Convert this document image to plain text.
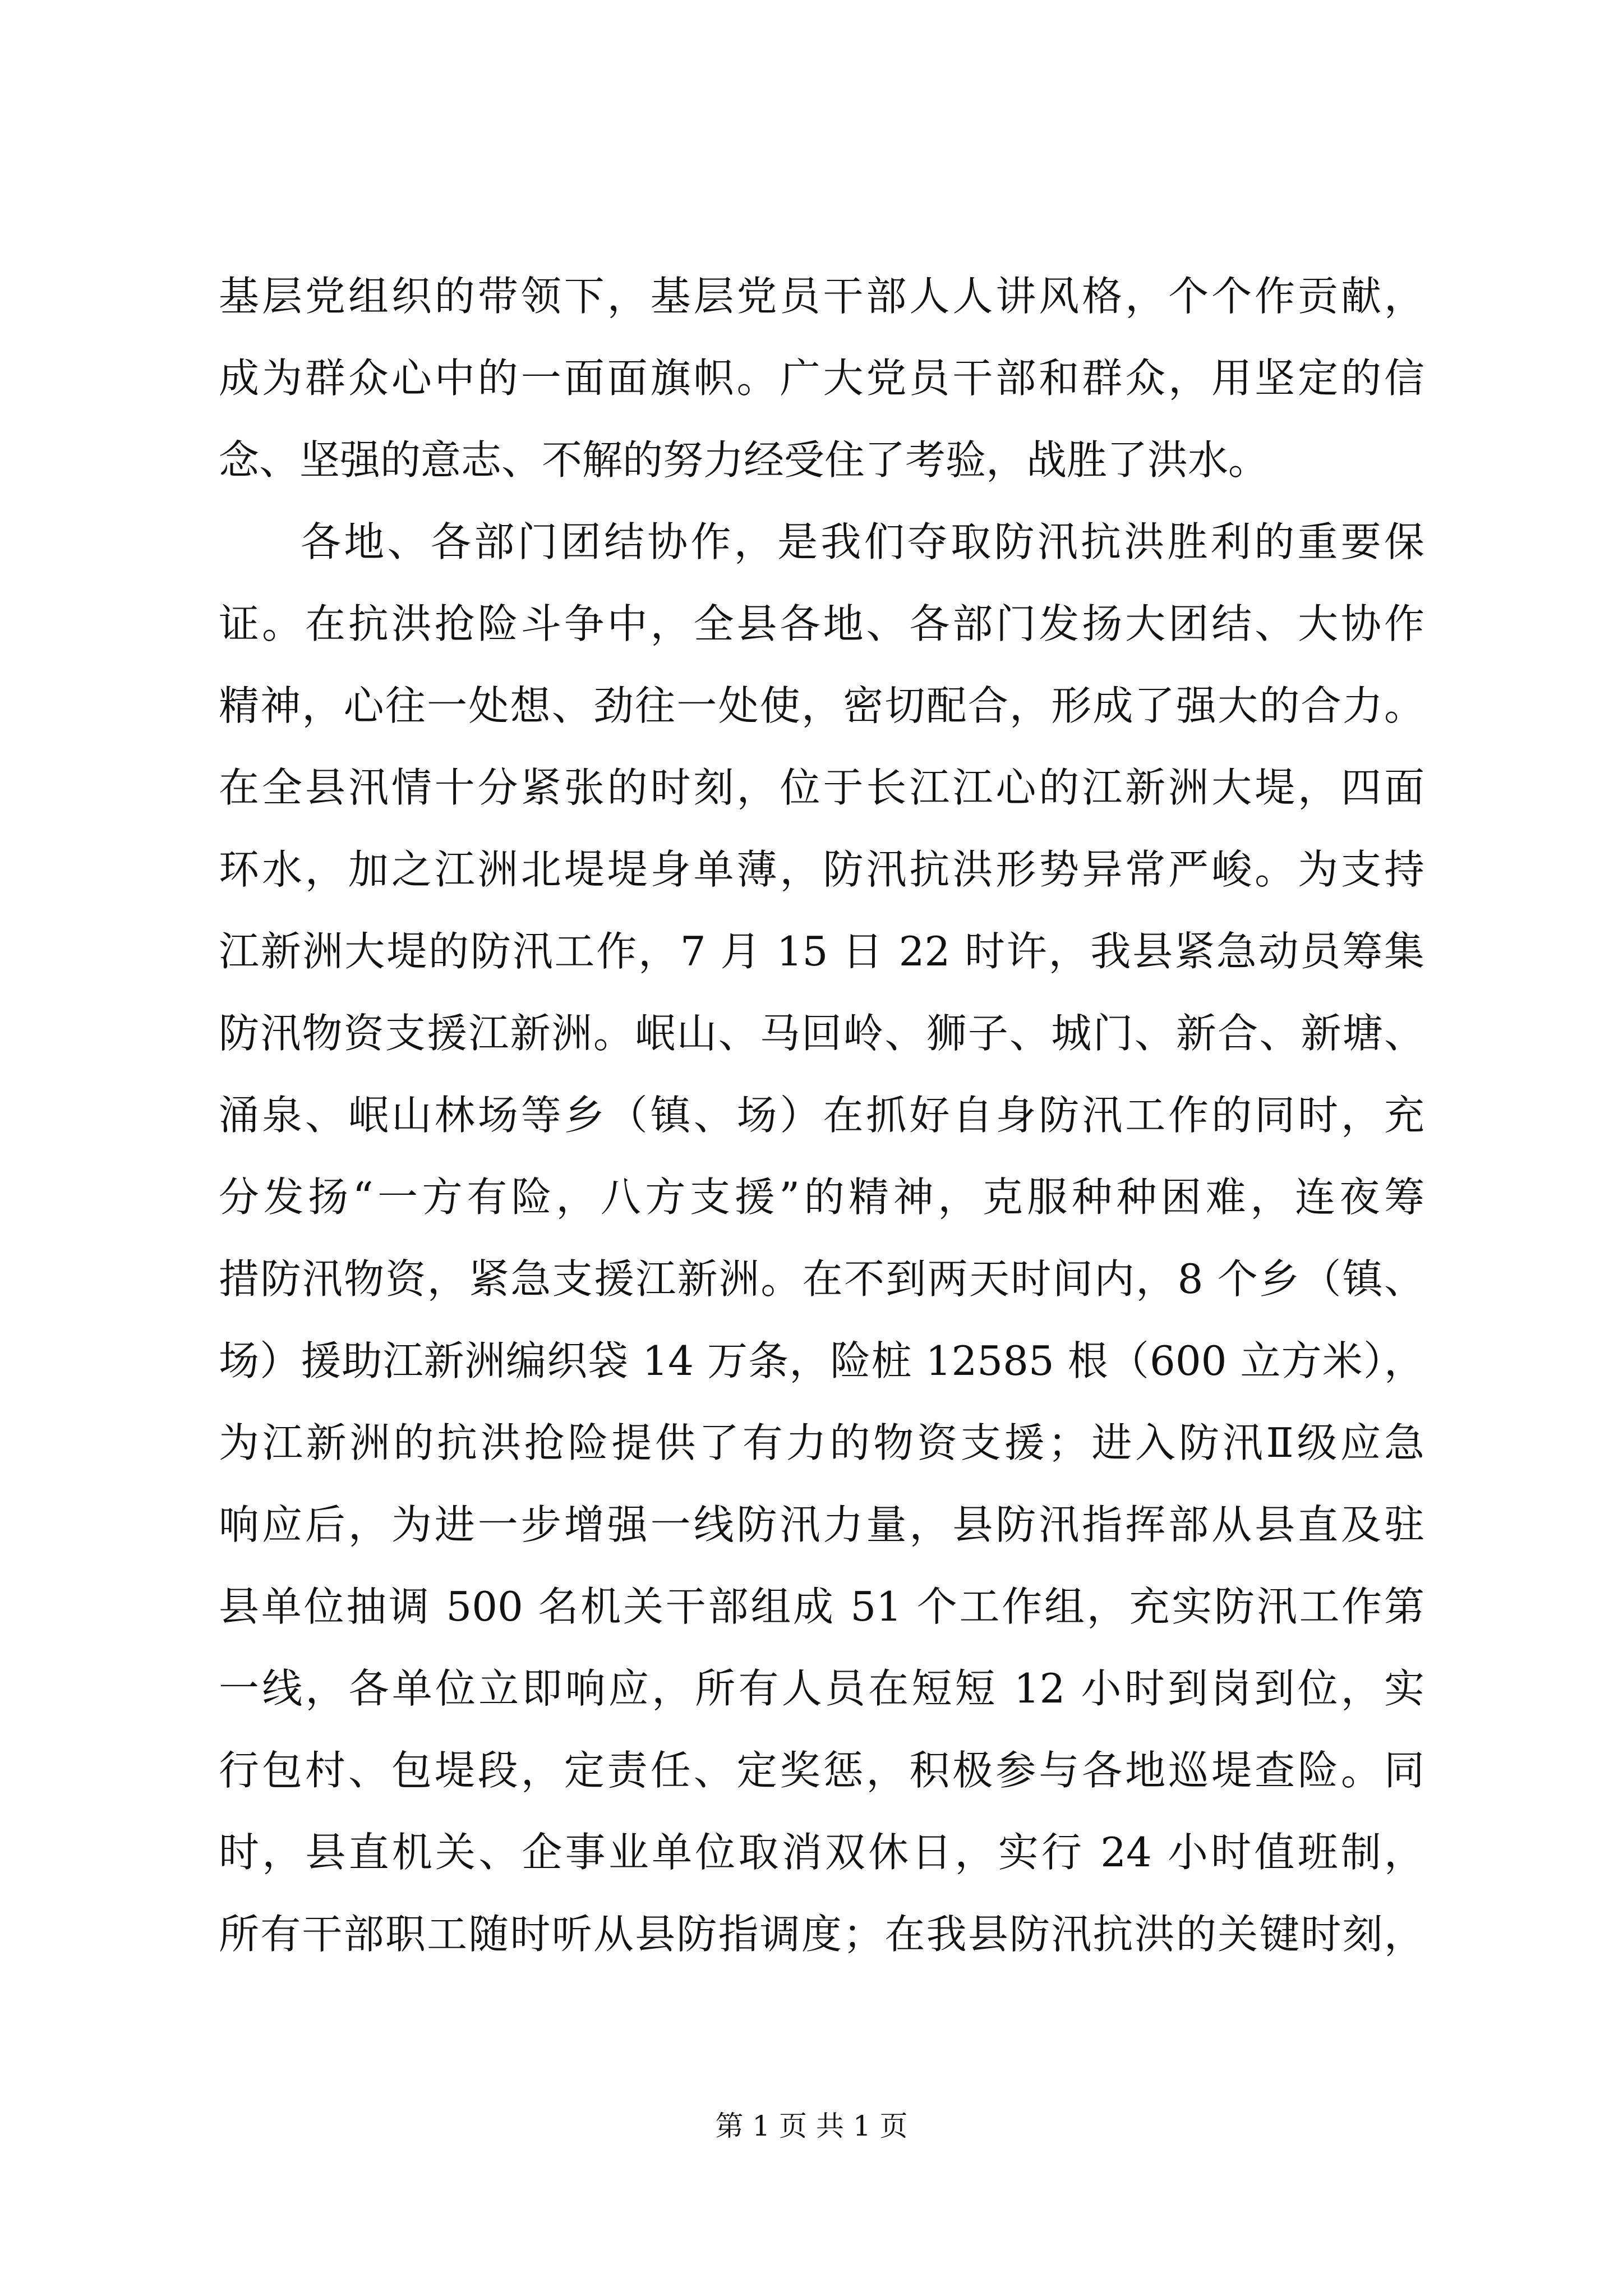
基层党组织的带领下，基层党员干部人人讲风格，个个作贡献，
成为群众心中的一面面旗帜。广大党员干部和群众，用坚定的信
念、坚强的意志、不解的努力经受住了考验，战胜了洪水。
各地、各部门团结协作，是我们夺取防汛抗洪胜利的重要保
证。在抗洪抢险斗争中，全县各地、各部门发扬大团结、大协作
精神，心往一处想、劲往一处使，密切配合，形成了强大的合力。
在全县汛情十分紧张的时刻，位于长江江心的江新洲大堤，四面
环水，加之江洲北堤堤身单薄，防汛抗洪形势异常严峻。为支持
江新洲大堤的防汛工作，7 月 15 日 22 时许，我县紧急动员筹集
防汛物资支援江新洲。岷山、马回岭、狮子、城门、新合、新塘、
涌泉、岷山林场等乡（镇、场）在抓好自身防汛工作的同时，充
分发扬“一方有险，八方支援”的精神，克服种种困难，连夜筹
措防汛物资，紧急支援江新洲。在不到两天时间内，8 个乡（镇、
场）援助江新洲编织袋 14 万条，险桩 12585 根（600 立方米），
为江新洲的抗洪抢险提供了有力的物资支援；进入防汛Ⅱ级应急
响应后，为进一步增强一线防汛力量，县防汛指挥部从县直及驻
县单位抽调 500 名机关干部组成 51 个工作组，充实防汛工作第
一线，各单位立即响应，所有人员在短短 12 小时到岗到位，实
行包村、包堤段，定责任、定奖惩，积极参与各地巡堤查险。同
时，县直机关、企事业单位取消双休日，实行 24 小时值班制，
所有干部职工随时听从县防指调度；在我县防汛抗洪的关键时刻，
第 1 页 共 1 页
